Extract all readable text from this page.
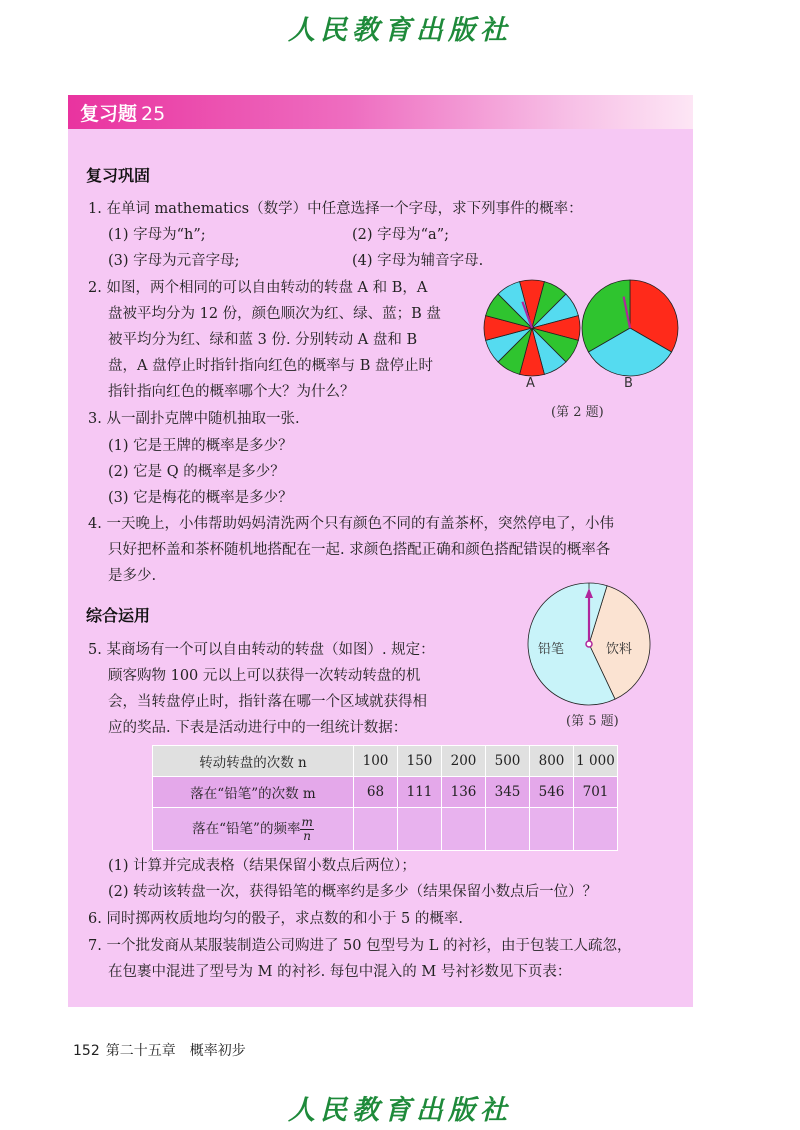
人民教育出版社
复习题 25
复习巩固
1. 在单词 mathematics（数学）中任意选择一个字母，求下列事件的概率：
(1) 字母为“h”;	(2) 字母为“a”;
(3) 字母为元音字母;	(4) 字母为辅音字母.
2. 如图，两个相同的可以自由转动的转盘 A 和 B，A
盘被平均分为 12 份，颜色顺次为红、绿、蓝；B 盘
被平均分为红、绿和蓝 3 份. 分别转动 A 盘和 B
盘，A 盘停止时指针指向红色的概率与 B 盘停止时
指针指向红色的概率哪个大？为什么？
A	B
(第 2 题)
3. 从一副扑克牌中随机抽取一张.
(1) 它是王牌的概率是多少？
(2) 它是 Q 的概率是多少？
(3) 它是梅花的概率是多少？
4. 一天晚上，小伟帮助妈妈清洗两个只有颜色不同的有盖茶杯，突然停电了，小伟
只好把杯盖和茶杯随机地搭配在一起. 求颜色搭配正确和颜色搭配错误的概率各
是多少.
综合运用
5. 某商场有一个可以自由转动的转盘（如图）. 规定：
顾客购物 100 元以上可以获得一次转动转盘的机
会，当转盘停止时，指针落在哪一个区域就获得相
应的奖品. 下表是活动进行中的一组统计数据：
铅笔	饮料
(第 5 题)
转动转盘的次数 n	100	150	200	500	800	1 000
落在“铅笔”的次数 m	68	111	136	345	546	701
落在“铅笔”的频率 $\frac{m}{n}$

(1) 计算并完成表格（结果保留小数点后两位）；
(2) 转动该转盘一次，获得铅笔的概率约是多少（结果保留小数点后一位）？
6. 同时掷两枚质地均匀的骰子，求点数的和小于 5 的概率.
7. 一个批发商从某服装制造公司购进了 50 包型号为 L 的衬衫，由于包装工人疏忽，
在包裹中混进了型号为 M 的衬衫. 每包中混入的 M 号衬衫数见下页表：
152 第二十五章　概率初步
人民教育出版社
